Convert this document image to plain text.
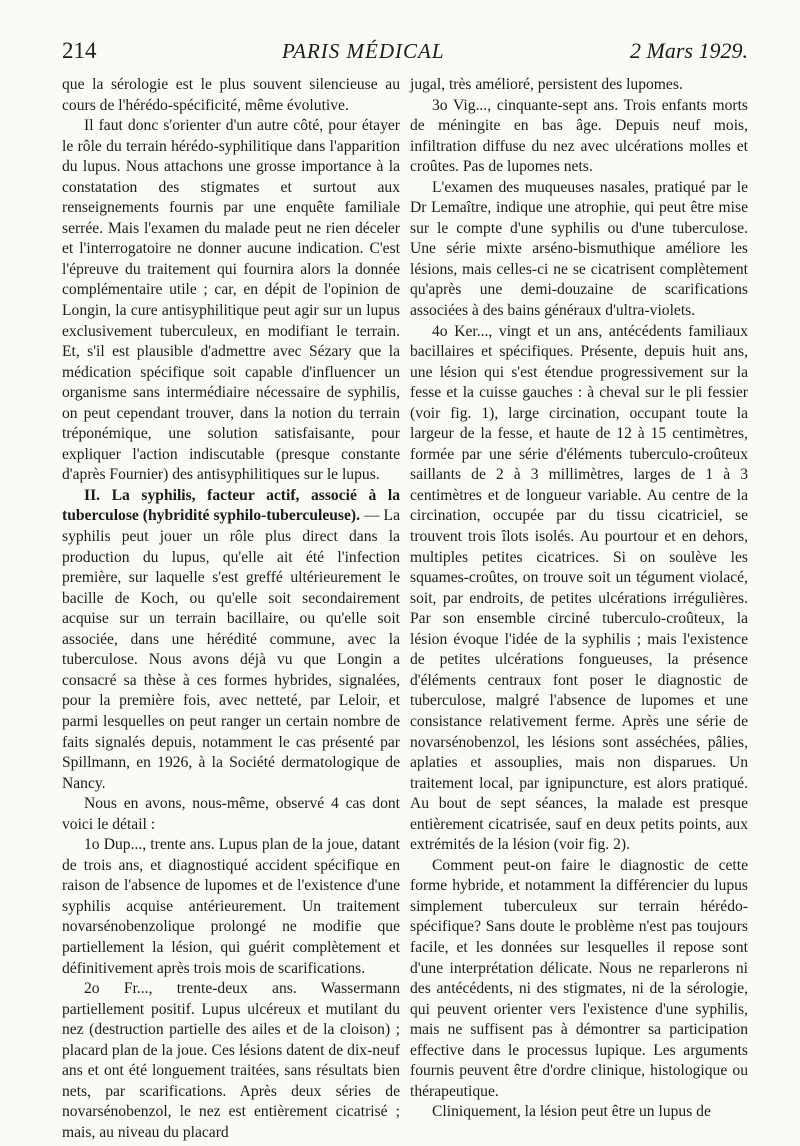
214	PARIS MÉDICAL	2 Mars 1929.

que la sérologie est le plus souvent silencieuse au cours de l'hérédo-spécificité, même évolutive.

Il faut donc s'orienter d'un autre côté, pour étayer le rôle du terrain hérédo-syphilitique dans l'apparition du lupus. Nous attachons une grosse importance à la constatation des stigmates et surtout aux renseignements fournis par une enquête familiale serrée. Mais l'examen du malade peut ne rien déceler et l'interrogatoire ne donner aucune indication. C'est l'épreuve du traitement qui fournira alors la donnée complémentaire utile ; car, en dépit de l'opinion de Longin, la cure antisyphilitique peut agir sur un lupus exclusivement tuberculeux, en modifiant le terrain. Et, s'il est plausible d'admettre avec Sézary que la médication spécifique soit capable d'influencer un organisme sans intermédiaire nécessaire de syphilis, on peut cependant trouver, dans la notion du terrain tréponémique, une solution satisfaisante, pour expliquer l'action indiscutable (presque constante d'après Fournier) des antisyphilitiques sur le lupus.

II. La syphilis, facteur actif, associé à la tuberculose (hybridité syphilo-tuberculeuse). — La syphilis peut jouer un rôle plus direct dans la production du lupus, qu'elle ait été l'infection première, sur laquelle s'est greffé ultérieurement le bacille de Koch, ou qu'elle soit secondairement acquise sur un terrain bacillaire, ou qu'elle soit associée, dans une hérédité commune, avec la tuberculose. Nous avons déjà vu que Longin a consacré sa thèse à ces formes hybrides, signalées, pour la première fois, avec netteté, par Leloir, et parmi lesquelles on peut ranger un certain nombre de faits signalés depuis, notamment le cas présenté par Spillmann, en 1926, à la Société dermatologique de Nancy.

Nous en avons, nous-même, observé 4 cas dont voici le détail :

1o Dup..., trente ans. Lupus plan de la joue, datant de trois ans, et diagnostiqué accident spécifique en raison de l'absence de lupomes et de l'existence d'une syphilis acquise antérieurement. Un traitement novarsénobenzolique prolongé ne modifie que partiellement la lésion, qui guérit complètement et définitivement après trois mois de scarifications.

2o Fr..., trente-deux ans. Wassermann partiellement positif. Lupus ulcéreux et mutilant du nez (destruction partielle des ailes et de la cloison) ; placard plan de la joue. Ces lésions datent de dix-neuf ans et ont été longuement traitées, sans résultats bien nets, par scarifications. Après deux séries de novarsénobenzol, le nez est entièrement cicatrisé ; mais, au niveau du placard

jugal, très amélioré, persistent des lupomes.

3o Vig..., cinquante-sept ans. Trois enfants morts de méningite en bas âge. Depuis neuf mois, infiltration diffuse du nez avec ulcérations molles et croûtes. Pas de lupomes nets.

L'examen des muqueuses nasales, pratiqué par le Dr Lemaître, indique une atrophie, qui peut être mise sur le compte d'une syphilis ou d'une tuberculose. Une série mixte arséno-bismuthique améliore les lésions, mais celles-ci ne se cicatrisent complètement qu'après une demi-douzaine de scarifications associées à des bains généraux d'ultra-violets.

4o Ker..., vingt et un ans, antécédents familiaux bacillaires et spécifiques. Présente, depuis huit ans, une lésion qui s'est étendue progressivement sur la fesse et la cuisse gauches : à cheval sur le pli fessier (voir fig. 1), large circination, occupant toute la largeur de la fesse, et haute de 12 à 15 centimètres, formée par une série d'éléments tuberculo-croûteux saillants de 2 à 3 millimètres, larges de 1 à 3 centimètres et de longueur variable. Au centre de la circination, occupée par du tissu cicatriciel, se trouvent trois îlots isolés. Au pourtour et en dehors, multiples petites cicatrices. Si on soulève les squames-croûtes, on trouve soit un tégument violacé, soit, par endroits, de petites ulcérations irrégulières. Par son ensemble circiné tuberculo-croûteux, la lésion évoque l'idée de la syphilis ; mais l'existence de petites ulcérations fongueuses, la présence d'éléments centraux font poser le diagnostic de tuberculose, malgré l'absence de lupomes et une consistance relativement ferme. Après une série de novarsénobenzol, les lésions sont asséchées, pâlies, aplaties et assouplies, mais non disparues. Un traitement local, par ignipuncture, est alors pratiqué. Au bout de sept séances, la malade est presque entièrement cicatrisée, sauf en deux petits points, aux extrémités de la lésion (voir fig. 2).

Comment peut-on faire le diagnostic de cette forme hybride, et notamment la différencier du lupus simplement tuberculeux sur terrain hérédo-spécifique? Sans doute le problème n'est pas toujours facile, et les données sur lesquelles il repose sont d'une interprétation délicate. Nous ne reparlerons ni des antécédents, ni des stigmates, ni de la sérologie, qui peuvent orienter vers l'existence d'une syphilis, mais ne suffisent pas à démontrer sa participation effective dans le processus lupique. Les arguments fournis peuvent être d'ordre clinique, histologique ou thérapeutique.

Cliniquement, la lésion peut être un lupus de
